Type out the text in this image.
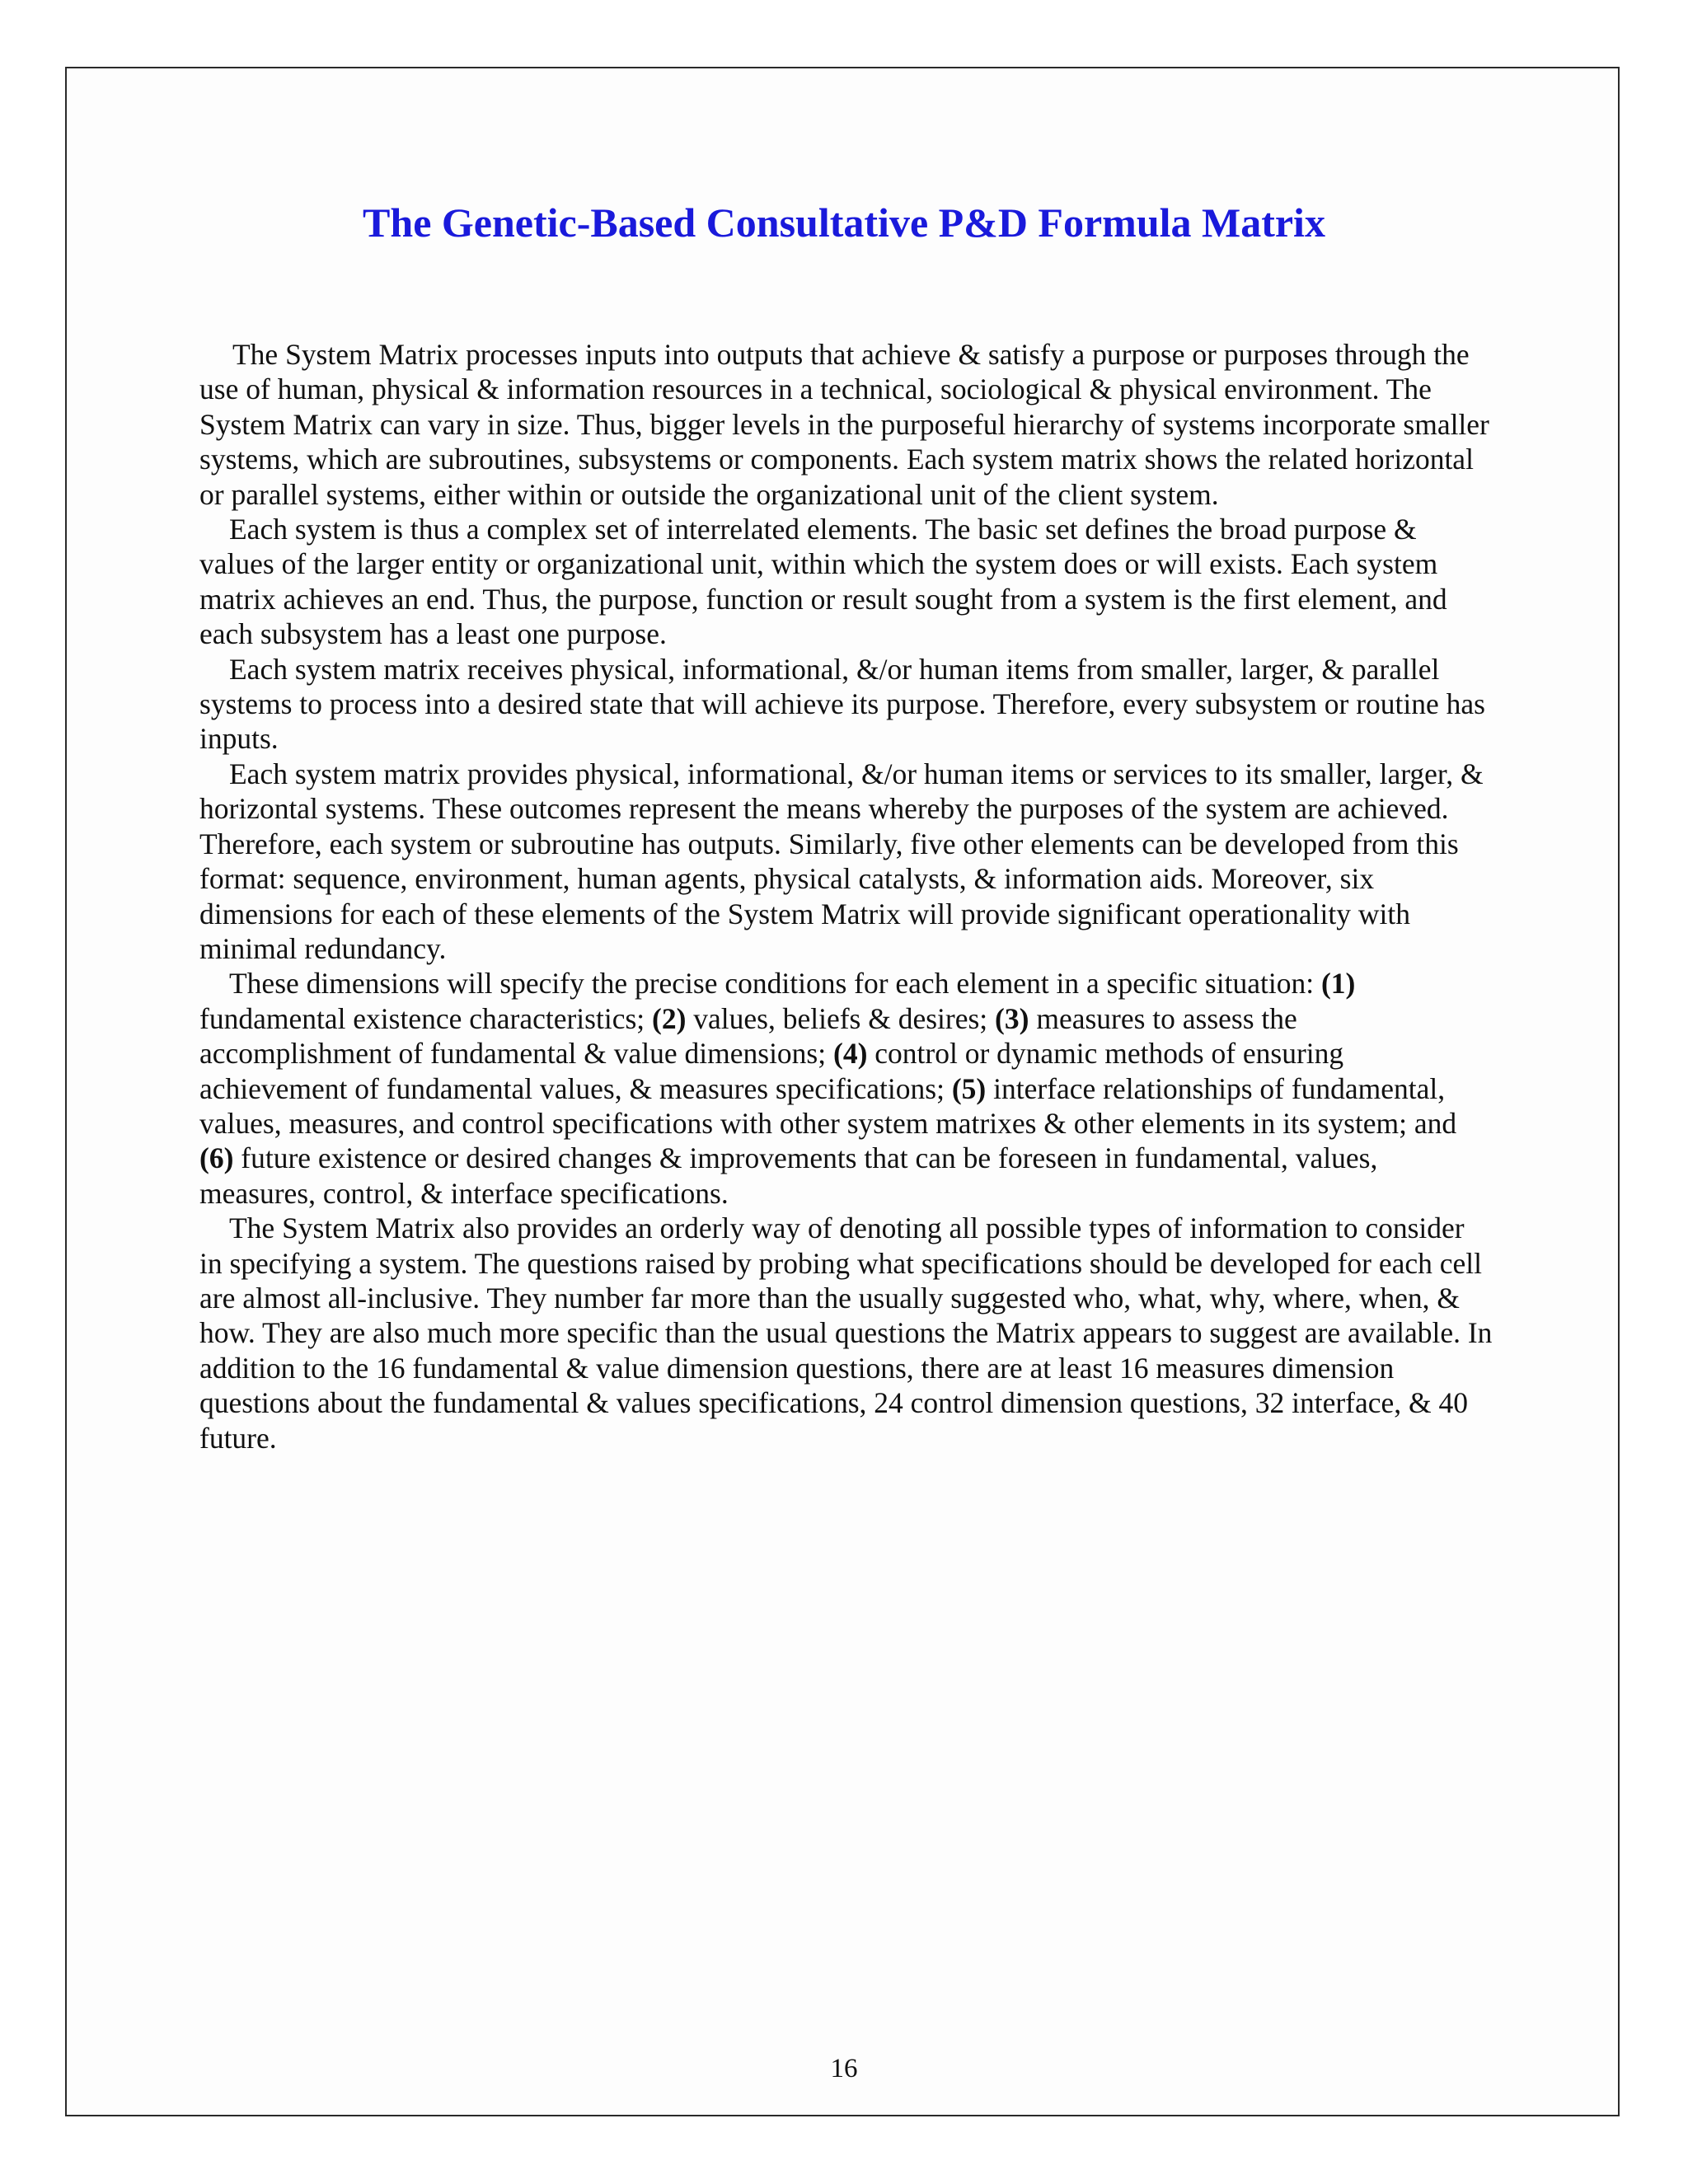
The Genetic-Based Consultative P&D Formula Matrix

The System Matrix processes inputs into outputs that achieve & satisfy a purpose or purposes through the use of human, physical & information resources in a technical, sociological & physical environment. The System Matrix can vary in size. Thus, bigger levels in the purposeful hierarchy of systems incorporate smaller systems, which are subroutines, subsystems or components. Each system matrix shows the related horizontal or parallel systems, either within or outside the organizational unit of the client system.

Each system is thus a complex set of interrelated elements. The basic set defines the broad purpose & values of the larger entity or organizational unit, within which the system does or will exists. Each system matrix achieves an end. Thus, the purpose, function or result sought from a system is the first element, and each subsystem has a least one purpose.

Each system matrix receives physical, informational, &/or human items from smaller, larger, & parallel systems to process into a desired state that will achieve its purpose. Therefore, every subsystem or routine has inputs.

Each system matrix provides physical, informational, &/or human items or services to its smaller, larger, & horizontal systems. These outcomes represent the means whereby the purposes of the system are achieved. Therefore, each system or subroutine has outputs. Similarly, five other elements can be developed from this format: sequence, environment, human agents, physical catalysts, & information aids. Moreover, six dimensions for each of these elements of the System Matrix will provide significant operationality with minimal redundancy.

These dimensions will specify the precise conditions for each element in a specific situation: (1) fundamental existence characteristics; (2) values, beliefs & desires; (3) measures to assess the accomplishment of fundamental & value dimensions; (4) control or dynamic methods of ensuring achievement of fundamental values, & measures specifications; (5) interface relationships of fundamental, values, measures, and control specifications with other system matrixes & other elements in its system; and (6) future existence or desired changes & improvements that can be foreseen in fundamental, values, measures, control, & interface specifications.

The System Matrix also provides an orderly way of denoting all possible types of information to consider in specifying a system. The questions raised by probing what specifications should be developed for each cell are almost all-inclusive. They number far more than the usually suggested who, what, why, where, when, & how. They are also much more specific than the usual questions the Matrix appears to suggest are available. In addition to the 16 fundamental & value dimension questions, there are at least 16 measures dimension questions about the fundamental & values specifications, 24 control dimension questions, 32 interface, & 40 future.

16
